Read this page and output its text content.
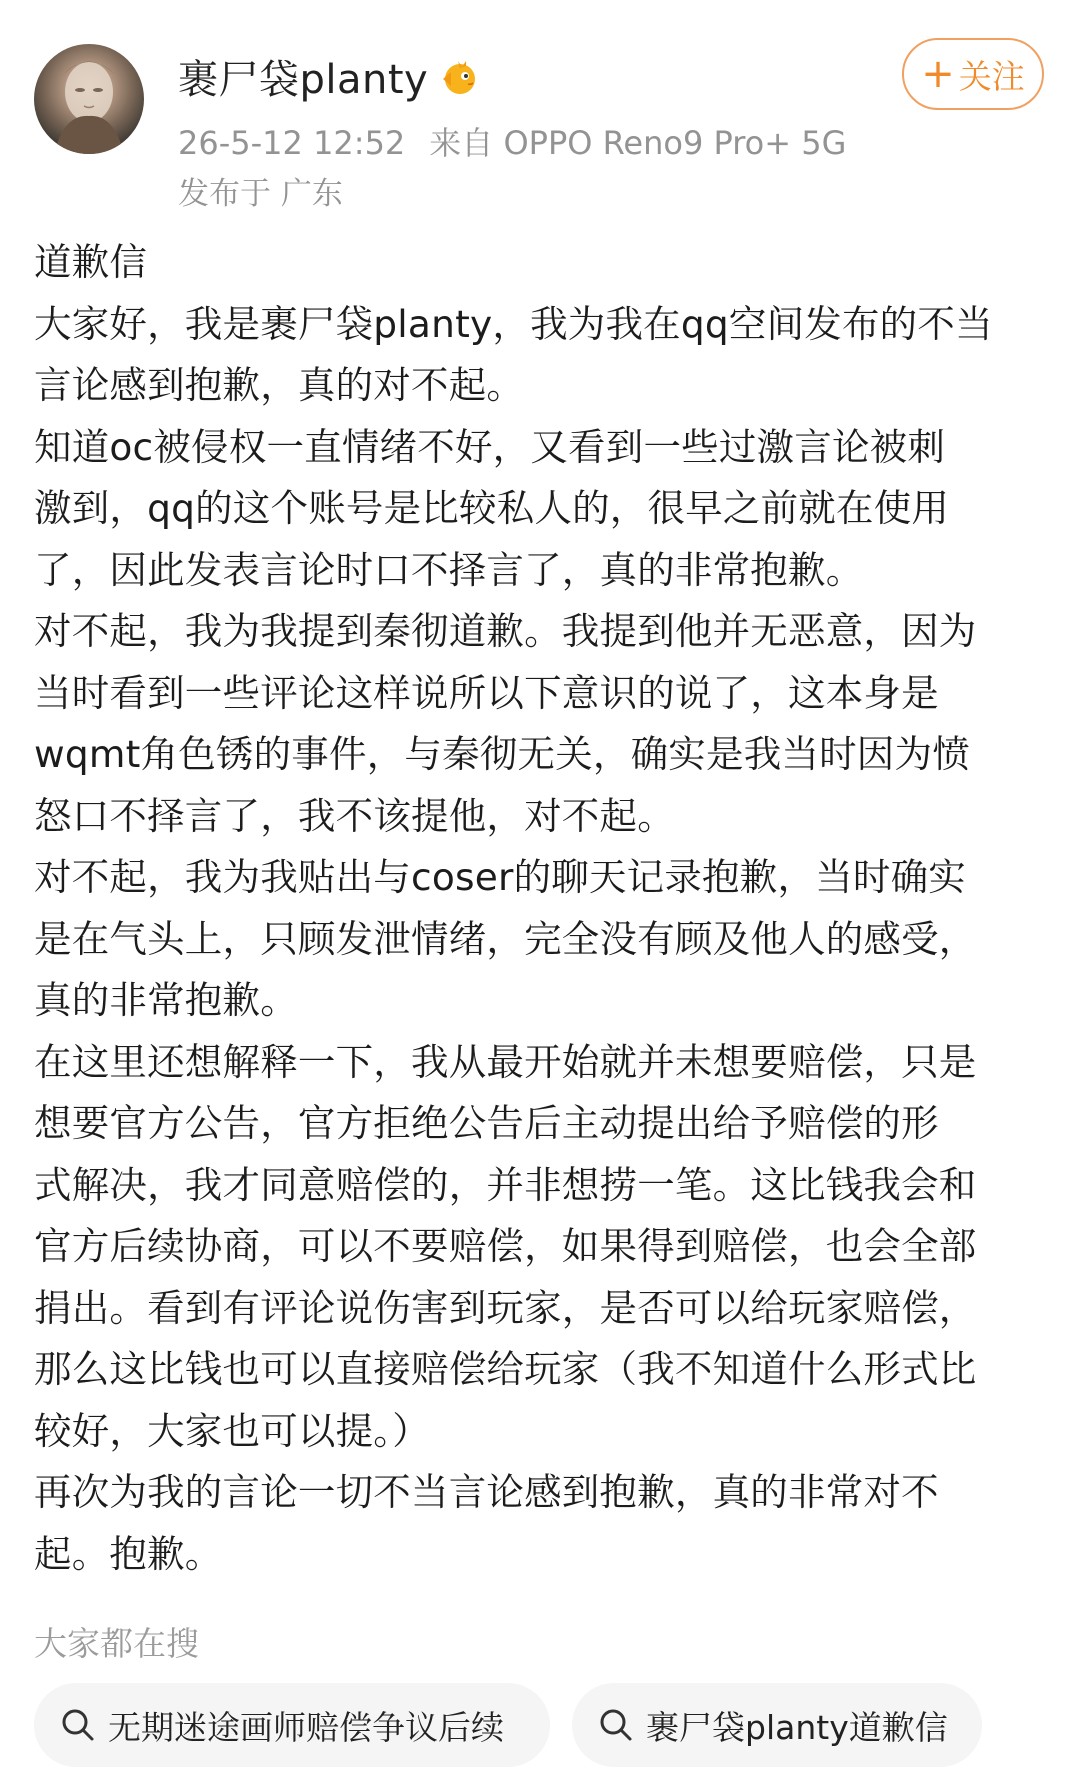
裹尸袋planty
26-5-12 12:52 来自 OPPO Reno9 Pro+ 5G
发布于 广东
+ 关注
道歉信
大家好，我是裹尸袋planty，我为我在qq空间发布的不当
言论感到抱歉，真的对不起。
知道oc被侵权一直情绪不好，又看到一些过激言论被刺
激到，qq的这个账号是比较私人的，很早之前就在使用
了，因此发表言论时口不择言了，真的非常抱歉。
对不起，我为我提到秦彻道歉。我提到他并无恶意，因为
当时看到一些评论这样说所以下意识的说了，这本身是
wqmt角色锈的事件，与秦彻无关，确实是我当时因为愤
怒口不择言了，我不该提他，对不起。
对不起，我为我贴出与coser的聊天记录抱歉，当时确实
是在气头上，只顾发泄情绪，完全没有顾及他人的感受，
真的非常抱歉。
在这里还想解释一下，我从最开始就并未想要赔偿，只是
想要官方公告，官方拒绝公告后主动提出给予赔偿的形
式解决，我才同意赔偿的，并非想捞一笔。这比钱我会和
官方后续协商，可以不要赔偿，如果得到赔偿，也会全部
捐出。看到有评论说伤害到玩家，是否可以给玩家赔偿，
那么这比钱也可以直接赔偿给玩家（我不知道什么形式比
较好，大家也可以提。）
再次为我的言论一切不当言论感到抱歉，真的非常对不
起。抱歉。
大家都在搜
无期迷途画师赔偿争议后续	裹尸袋planty道歉信
